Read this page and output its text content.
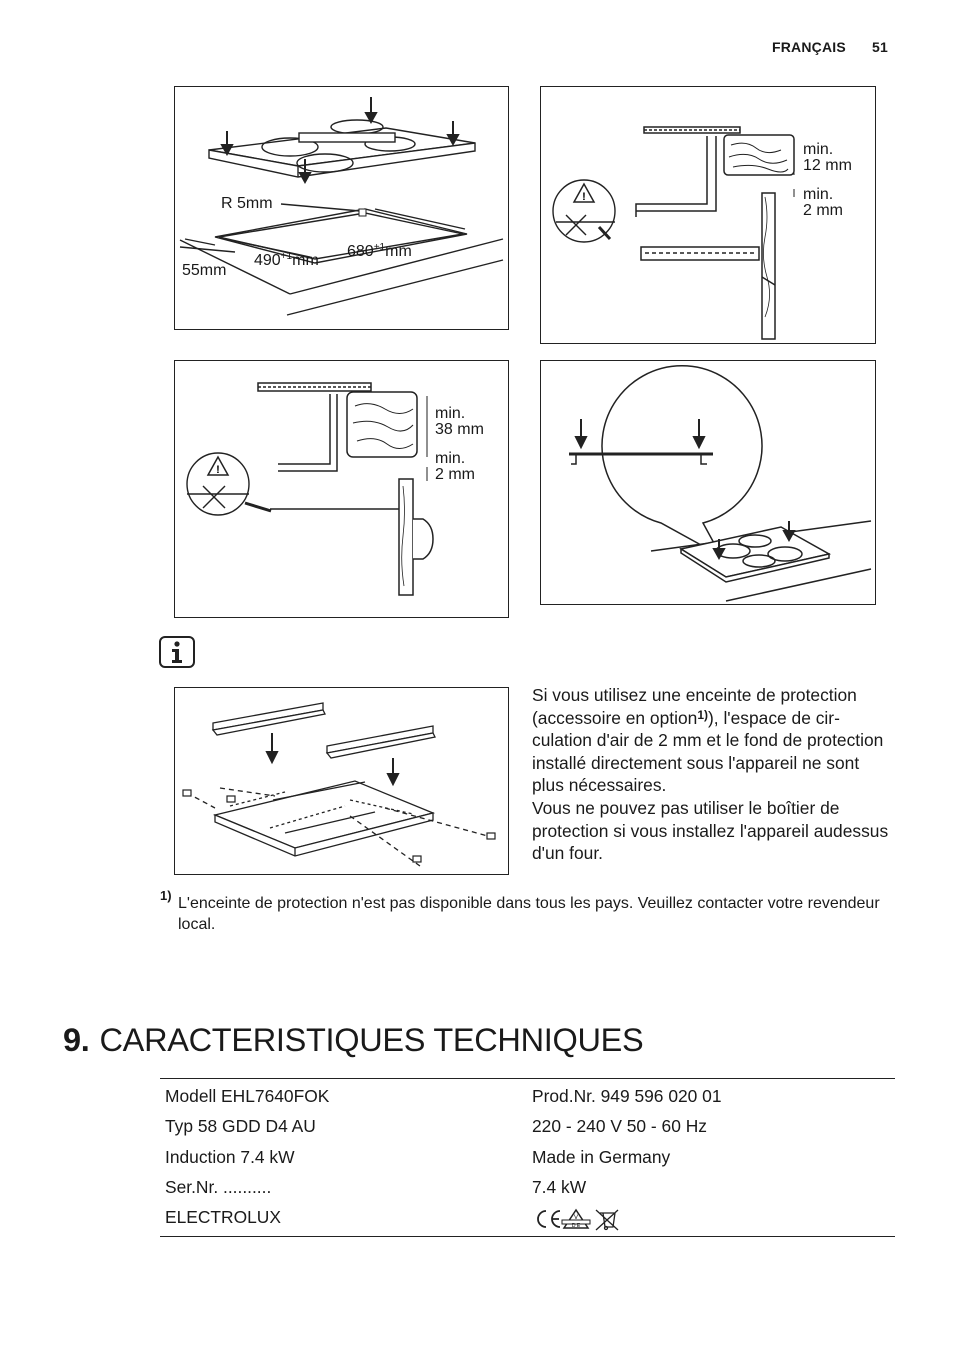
FRANÇAIS 51
R 5mm
55mm
$490^{+1}mm$
$680^{+1}mm$
!
min.
12 mm
min.
2 mm
!
min.
38 mm
min.
2 mm
Si vous utilisez une enceinte de protection (accessoire en option$^{1)}$), l'espace de circulation d'air de 2 mm et le fond de protection installé directement sous l'appareil ne sont plus nécessaires.
Vous ne pouvez pas utiliser le boîtier de protection si vous installez l'appareil audessus d'un four.
1) L'enceinte de protection n'est pas disponible dans tous les pays. Veuillez contacter votre revendeur local.
9. CARACTERISTIQUES TECHNIQUES
Modell EHL7640FOK
Typ 58 GDD D4 AU
Induction 7.4 kW
Ser.Nr. ..........
ELECTROLUX
Prod.Nr. 949 596 020 01
220 - 240 V 50 - 60 Hz
Made in Germany
7.4 kW
V
D E
